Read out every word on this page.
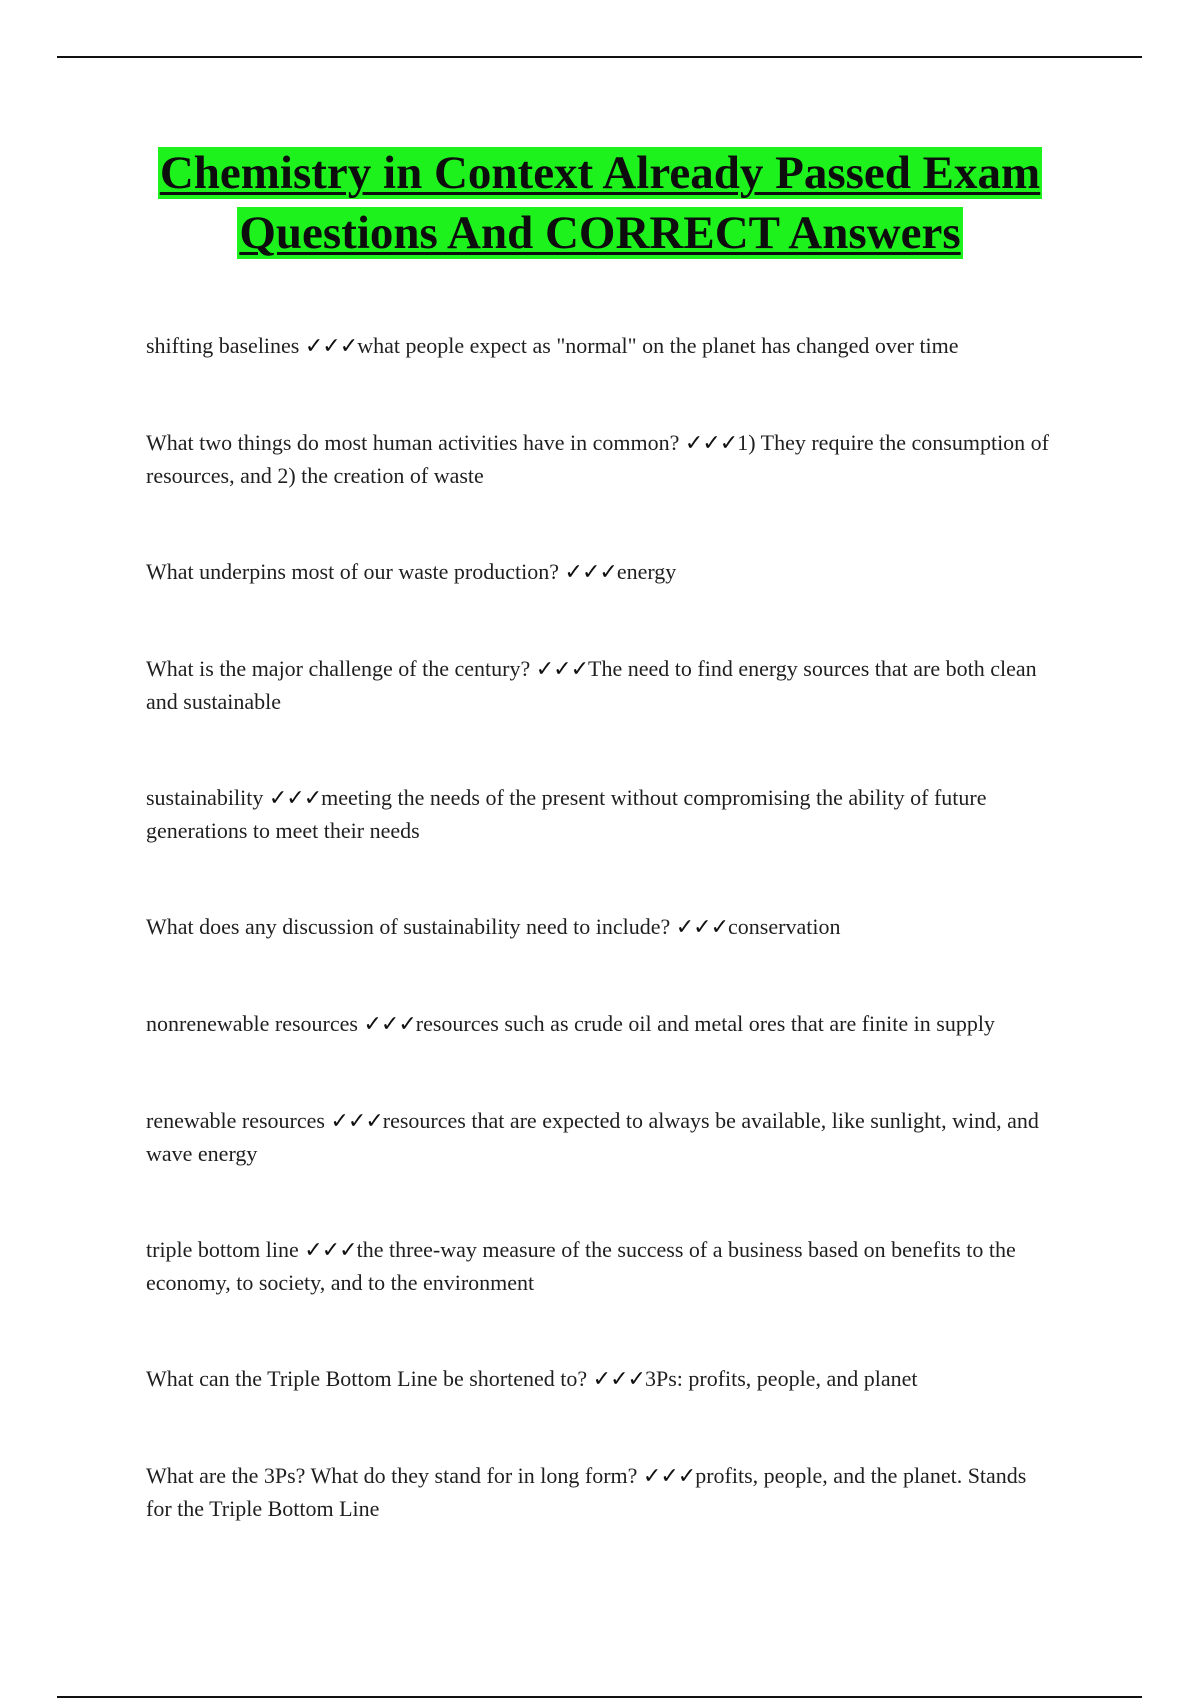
Chemistry in Context Already Passed Exam
Questions And CORRECT Answers

shifting baselines ✓✓✓what people expect as "normal" on the planet has changed over time

What two things do most human activities have in common? ✓✓✓1) They require the consumption of resources, and 2) the creation of waste

What underpins most of our waste production? ✓✓✓energy

What is the major challenge of the century? ✓✓✓The need to find energy sources that are both clean and sustainable

sustainability ✓✓✓meeting the needs of the present without compromising the ability of future generations to meet their needs

What does any discussion of sustainability need to include? ✓✓✓conservation

nonrenewable resources ✓✓✓resources such as crude oil and metal ores that are finite in supply

renewable resources ✓✓✓resources that are expected to always be available, like sunlight, wind, and wave energy

triple bottom line ✓✓✓the three-way measure of the success of a business based on benefits to the economy, to society, and to the environment

What can the Triple Bottom Line be shortened to? ✓✓✓3Ps: profits, people, and planet

What are the 3Ps? What do they stand for in long form? ✓✓✓profits, people, and the planet. Stands for the Triple Bottom Line
